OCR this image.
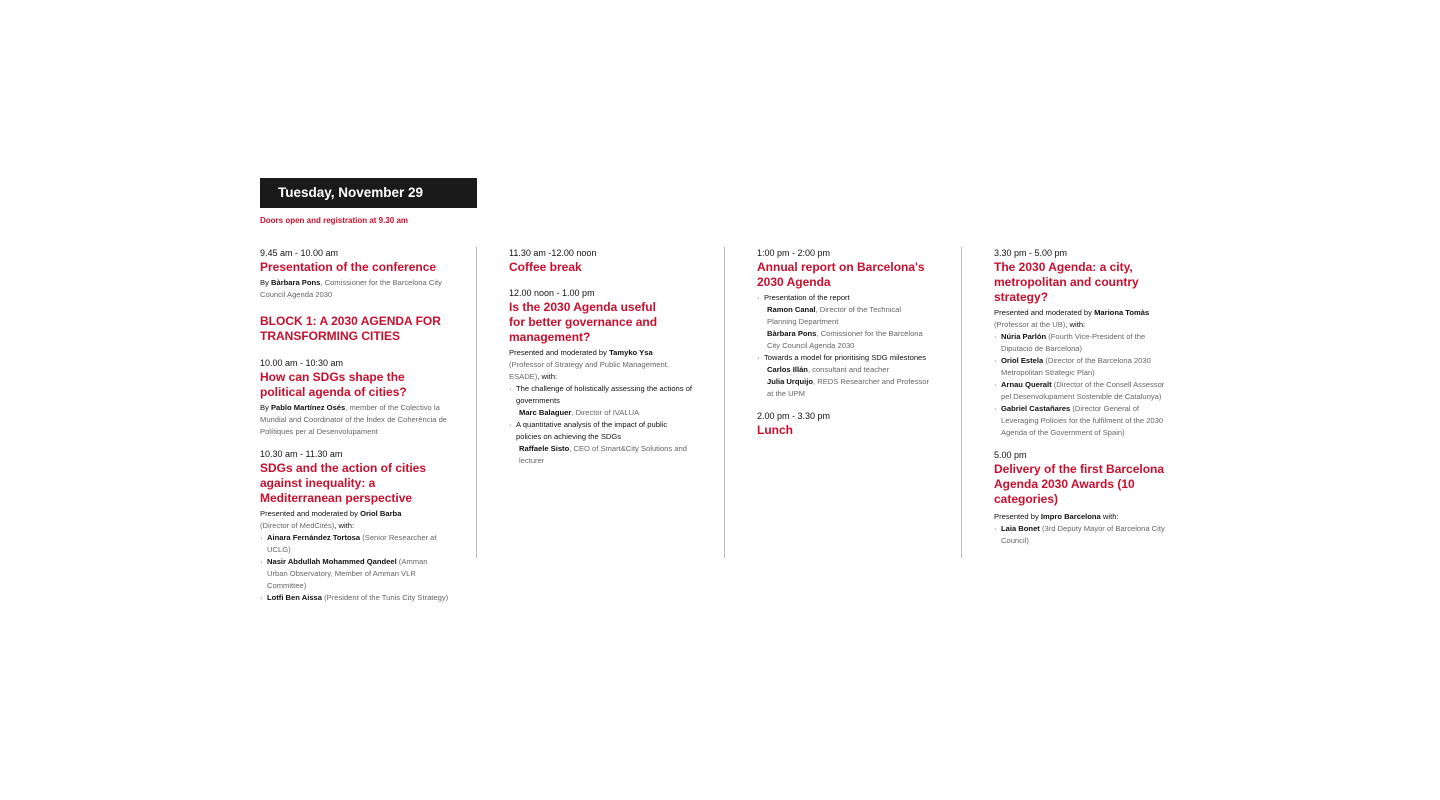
Tuesday, November 29
Doors open and registration at 9.30 am

9.45 am - 10.00 am

Presentation of the conference

By Bàrbara Pons, Comissioner for the Barcelona City Council Agenda 2030

BLOCK 1: A 2030 AGENDA FOR TRANSFORMING CITIES

10.00 am - 10:30 am

How can SDGs shape the political agenda of cities?

By Pablo Martínez Osés, member of the Colectivo la Mundial and Coordinator of the Índex de Coherència de Polítiques per al Desenvolupament

10.30 am - 11.30 am

SDGs and the action of cities against inequality: a Mediterranean perspective

Presented and moderated by Oriol Barba
(Director of MedCités), with:

· Ainara Fernández Tortosa (Senior Researcher at UCLG)

· Nasir Abdullah Mohammed Qandeel (Amman Urban Observatory, Member of Amman VLR Committee)

· Lotfi Ben Aissa (President of the Tunis City Strategy)

11.30 am -12.00 noon

Coffee break

12.00 noon - 1.00 pm

Is the 2030 Agenda useful for better governance and management?

Presented and moderated by Tamyko Ysa
(Professor of Strategy and Public Management. ESADE), with:

· The challenge of holistically assessing the actions of governments

Marc Balaguer, Director of IVALUA

· A quantitative analysis of the impact of public policies on achieving the SDGs

Raffaele Sisto, CEO of Smart&City Solutions and lecturer

1:00 pm - 2:00 pm

Annual report on Barcelona's 2030 Agenda

· Presentation of the report

Ramon Canal, Director of the Technical Planning Department

Bàrbara Pons, Comissioner for the Barcelona City Council Agenda 2030

· Towards a model for prioritising SDG milestones

Carlos Illán, consultant and teacher

Julia Urquijo, REDS Researcher and Professor at the UPM

2.00 pm - 3.30 pm

Lunch

3.30 pm - 5.00 pm

The 2030 Agenda: a city, metropolitan and country strategy?

Presented and moderated by Mariona Tomàs
(Professor at the UB), with:

· Núria Parlón (Fourth Vice-President of the Diputació de Barcelona)

· Oriol Estela (Director of the Barcelona 2030 Metropolitan Strategic Plan)

· Arnau Queralt (Director of the Consell Assessor pel Desenvolupament Sostenible de Catalunya)

· Gabriel Castañares (Director General of Leveraging Policies for the fulfilment of the 2030 Agenda of the Government of Spain)

5.00 pm

Delivery of the first Barcelona Agenda 2030 Awards (10 categories)

Presented by Impro Barcelona with:

· Laia Bonet (3rd Deputy Mayor of Barcelona City Council)
